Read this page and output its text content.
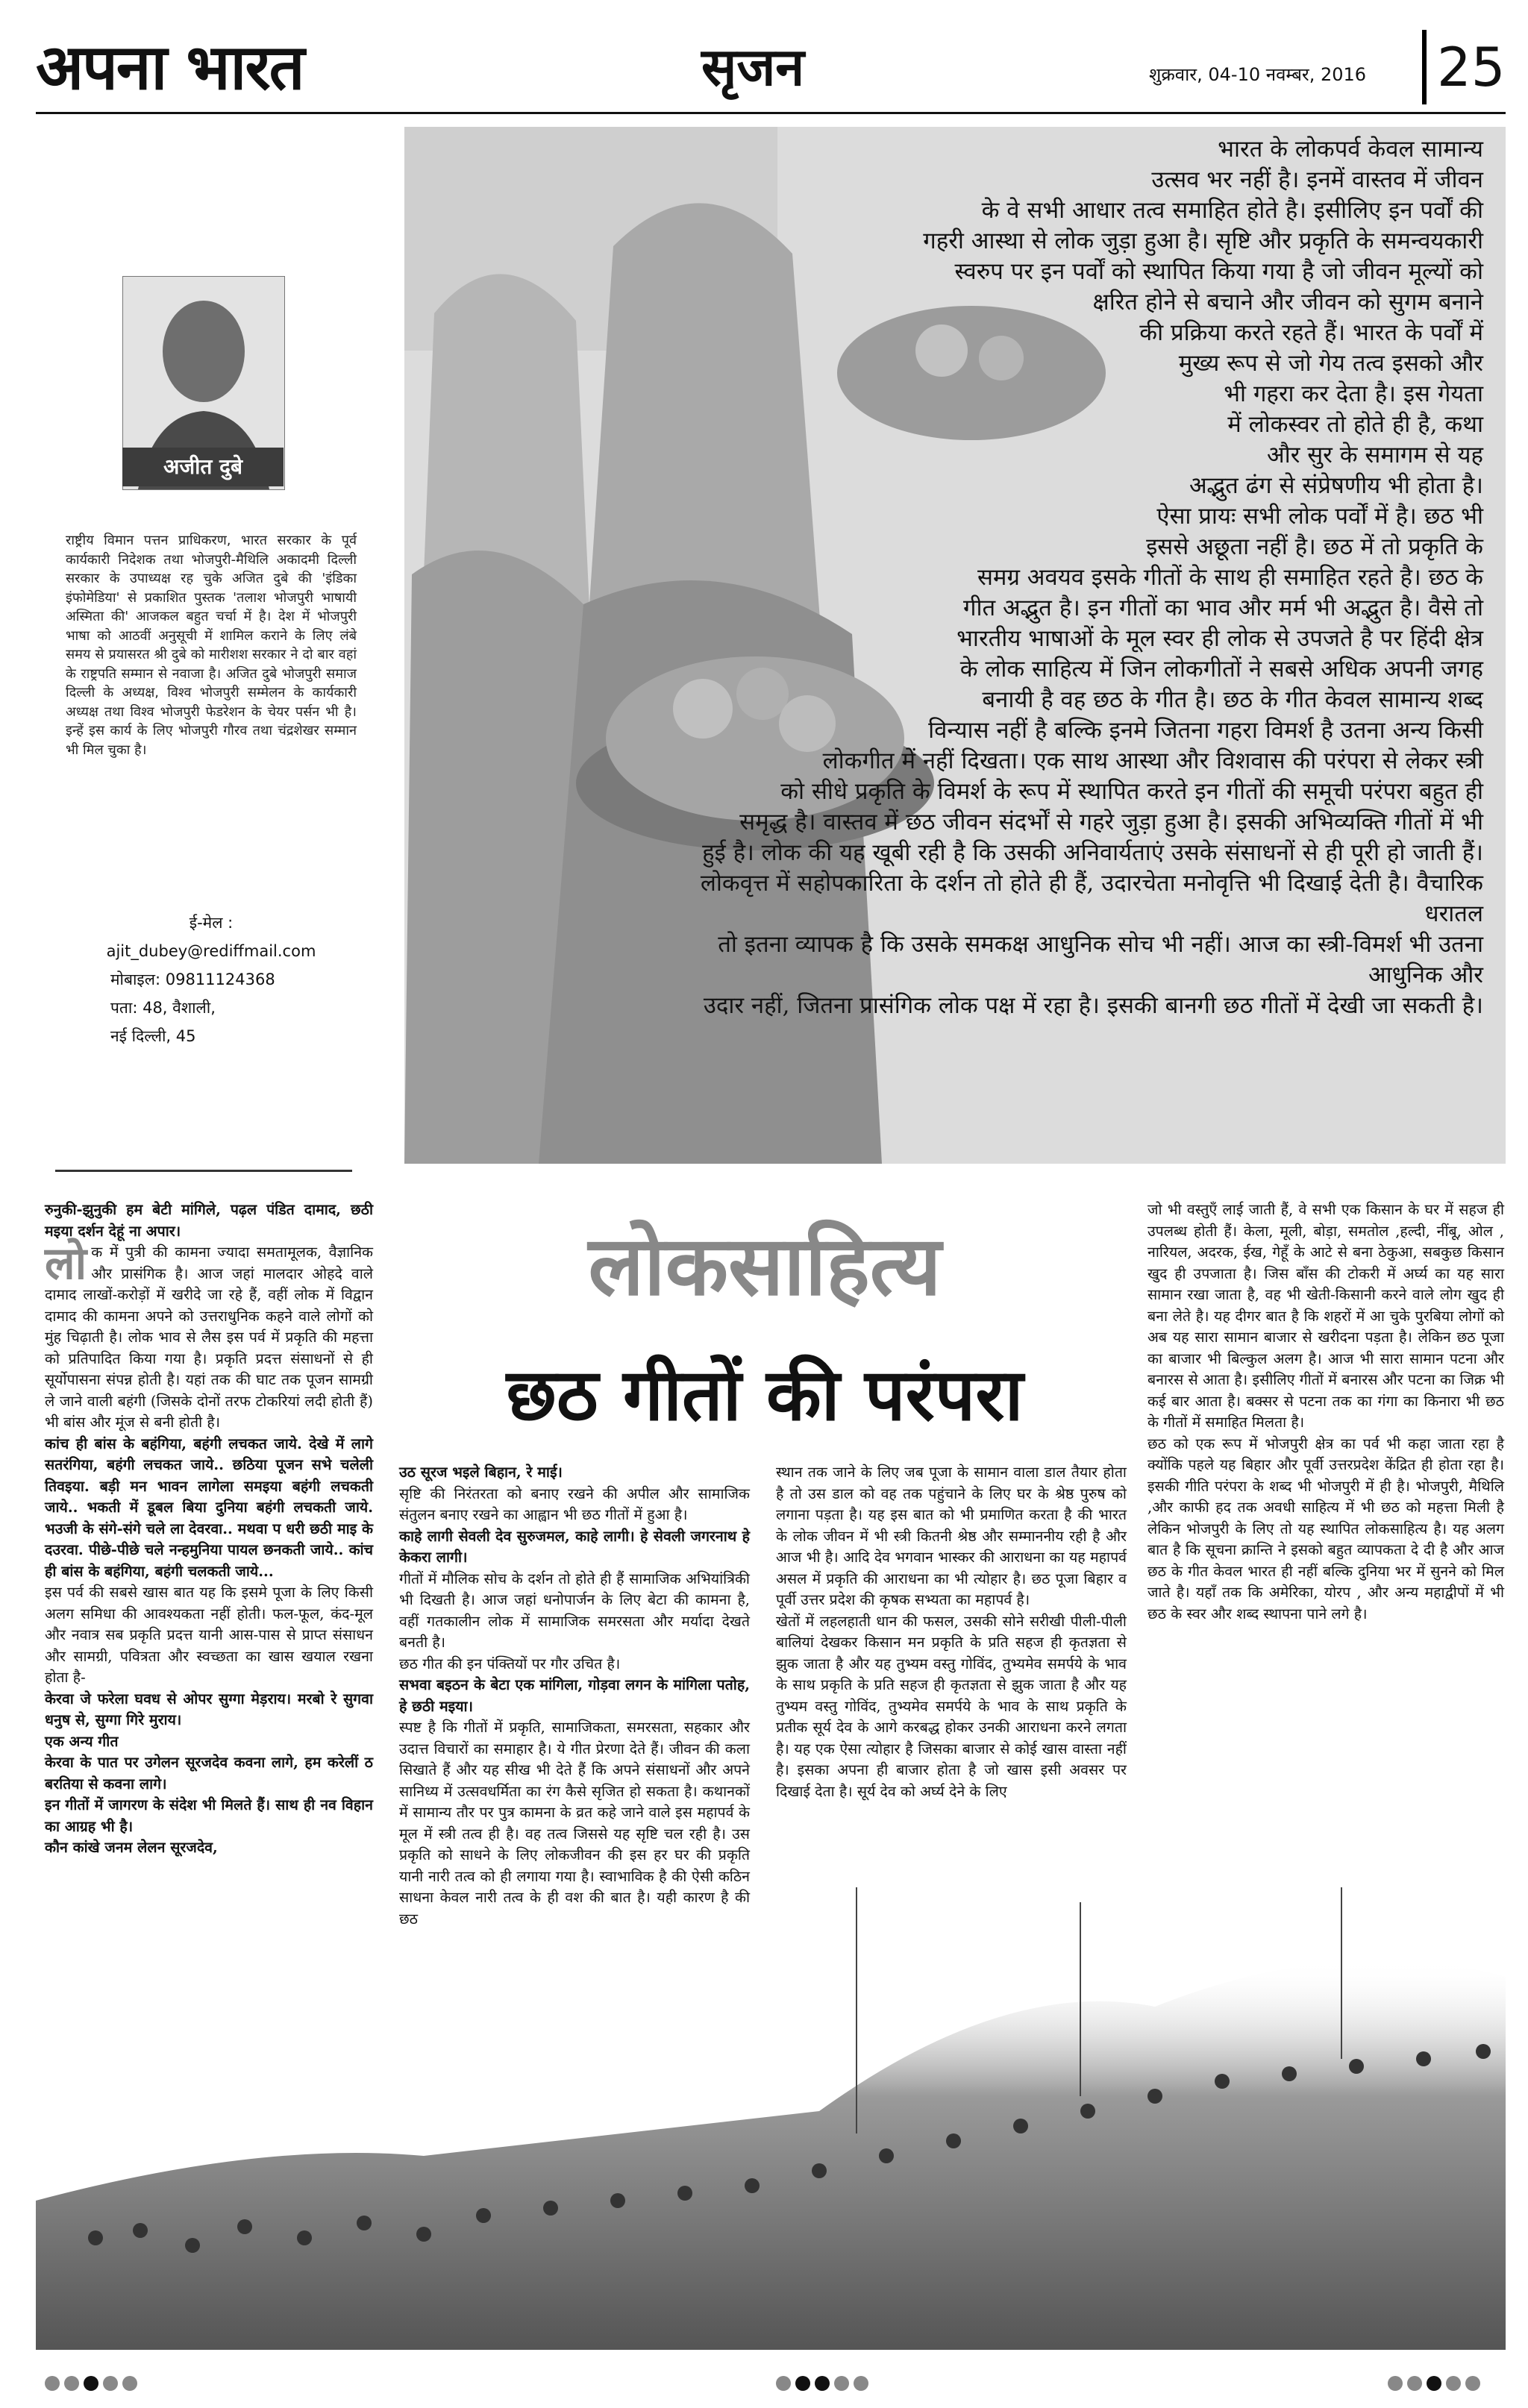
अपना भारत	सृजन	शुक्रवार, 04-10 नवम्बर, 2016	25

भारत के लोकपर्व केवल सामान्य

उत्सव भर नहीं है। इनमें वास्तव में जीवन

के वे सभी आधार तत्व समाहित होते है। इसीलिए इन पर्वों की

गहरी आस्था से लोक जुड़ा हुआ है। सृष्टि और प्रकृति के समन्वयकारी

स्वरुप पर इन पर्वों को स्थापित किया गया है जो जीवन मूल्यों को

क्षरित होने से बचाने और जीवन को सुगम बनाने

की प्रक्रिया करते रहते हैं। भारत के पर्वों में

मुख्य रूप से जो गेय तत्व इसको और

भी गहरा कर देता है। इस गेयता

में लोकस्वर तो होते ही है, कथा

और सुर के समागम से यह

अद्भुत ढंग से संप्रेषणीय भी होता है।

ऐसा प्रायः सभी लोक पर्वों में है। छठ भी

इससे अछूता नहीं है। छठ में तो प्रकृति के

समग्र अवयव इसके गीतों के साथ ही समाहित रहते है। छठ के

गीत अद्भुत है। इन गीतों का भाव और मर्म भी अद्भुत है। वैसे तो

भारतीय भाषाओं के मूल स्वर ही लोक से उपजते है पर हिंदी क्षेत्र

के लोक साहित्य में जिन लोकगीतों ने सबसे अधिक अपनी जगह

बनायी है वह छठ के गीत है। छठ के गीत केवल सामान्य शब्द

विन्यास नहीं है बल्कि इनमे जितना गहरा विमर्श है उतना अन्य किसी

लोकगीत में नहीं दिखता। एक साथ आस्था और विशवास की परंपरा से लेकर स्त्री

को सीधे प्रकृति के विमर्श के रूप में स्थापित करते इन गीतों की समूची परंपरा बहुत ही

समृद्ध है। वास्तव में छठ जीवन संदर्भों से गहरे जुड़ा हुआ है। इसकी अभिव्यक्ति गीतों में भी

हुई है। लोक की यह खूबी रही है कि उसकी अनिवार्यताएं उसके संसाधनों से ही पूरी हो जाती हैं।

लोकवृत्त में सहोपकारिता के दर्शन तो होते ही हैं, उदारचेता मनोवृत्ति भी दिखाई देती है। वैचारिक धरातल

तो इतना व्यापक है कि उसके समकक्ष आधुनिक सोच भी नहीं। आज का स्त्री-विमर्श भी उतना आधुनिक और

उदार नहीं, जितना प्रासंगिक लोक पक्ष में रहा है। इसकी बानगी छठ गीतों में देखी जा सकती है।

अजीत दुबे
राष्ट्रीय विमान पत्तन प्राधिकरण, भारत सरकार के पूर्व कार्यकारी निदेशक तथा भोजपुरी-मैथिलि अकादमी दिल्ली सरकार के उपाध्यक्ष रह चुके अजित दुबे की 'इंडिका इंफोमेडिया' से प्रकाशित पुस्तक 'तलाश भोजपुरी भाषायी अस्मिता की' आजकल बहुत चर्चा में है। देश में भोजपुरी भाषा को आठवीं अनुसूची में शामिल कराने के लिए लंबे समय से प्रयासरत श्री दुबे को मारीशश सरकार ने दो बार वहां के राष्ट्रपति सम्मान से नवाजा है। अजित दुबे भोजपुरी समाज दिल्ली के अध्यक्ष, विश्व भोजपुरी सम्मेलन के कार्यकारी अध्यक्ष तथा विश्व भोजपुरी फेडरेशन के चेयर पर्सन भी है। इन्हें इस कार्य के लिए भोजपुरी गौरव तथा चंद्रशेखर सम्मान भी मिल चुका है।
ई-मेल :
ajit_dubey@rediffmail.com
मोबाइल: 09811124368
पता: 48, वैशाली,
नई दिल्ली, 45
लोकसाहित्य
छठ गीतों की परंपरा

रुनुकी-झुनुकी हम बेटी मांगिले, पढ़ल पंडित दामाद, छठी मइया दर्शन देहूं ना अपार।

लोक में पुत्री की कामना ज्यादा समतामूलक, वैज्ञानिक और प्रासंगिक है। आज जहां मालदार ओहदे वाले दामाद लाखों-करोड़ों में खरीदे जा रहे हैं, वहीं लोक में विद्वान दामाद की कामना अपने को उत्तराधुनिक कहने वाले लोगों को मुंह चिढ़ाती है। लोक भाव से लैस इस पर्व में प्रकृति की महत्ता को प्रतिपादित किया गया है। प्रकृति प्रदत्त संसाधनों से ही सूर्योपासना संपन्न होती है। यहां तक की घाट तक पूजन सामग्री ले जाने वाली बहंगी (जिसके दोनों तरफ टोकरियां लदी होती हैं) भी बांस और मूंज से बनी होती है।

कांच ही बांस के बहंगिया, बहंगी लचकत जाये. देखे में लागे सतरंगिया, बहंगी लचकत जाये.. छठिया पूजन सभे चलेली तिवइया. बड़ी मन भावन लागेला समइया बहंगी लचकती जाये.. भकती में डूबल बिया दुनिया बहंगी लचकती जाये. भउजी के संगे-संगे चले ला देवरवा.. मथवा प धरी छठी माइ के दउरवा. पीछे-पीछे चले नन्हमुनिया पायल छनकती जाये.. कांच ही बांस के बहंगिया, बहंगी चलकती जाये...

इस पर्व की सबसे खास बात यह कि इसमे पूजा के लिए किसी अलग समिधा की आवश्यकता नहीं होती। फल-फूल, कंद-मूल और नवात्र सब प्रकृति प्रदत्त यानी आस-पास से प्राप्त संसाधन और सामग्री, पवित्रता और स्वच्छता का खास खयाल रखना होता है-

केरवा जे फरेला घवध से ओपर सुग्गा मेड़राय। मरबो रे सुगवा धनुष से, सुग्गा गिरे मुराय।

एक अन्य गीत

केरवा के पात पर उगेलन सूरजदेव कवना लागे, हम करेलीं ठ बरतिया से कवना लागे।

इन गीतों में जागरण के संदेश भी मिलते हैं। साथ ही नव विहान का आग्रह भी है।

कौन कांखे जनम लेलन सूरजदेव,

उठ सूरज भइले बिहान, रे माई।

सृष्टि की निरंतरता को बनाए रखने की अपील और सामाजिक संतुलन बनाए रखने का आह्वान भी छठ गीतों में हुआ है।

काहे लागी सेवली देव सुरुजमल, काहे लागी। हे सेवली जगरनाथ हे केकरा लागी।

गीतों में मौलिक सोच के दर्शन तो होते ही हैं सामाजिक अभियांत्रिकी भी दिखती है। आज जहां धनोपार्जन के लिए बेटा की कामना है, वहीं गतकालीन लोक में सामाजिक समरसता और मर्यादा देखते बनती है।

छठ गीत की इन पंक्तियों पर गौर उचित है।

सभवा बइठन के बेटा एक मांगिला, गोड़वा लगन के मांगिला पतोह, हे छठी मइया।

स्पष्ट है कि गीतों में प्रकृति, सामाजिकता, समरसता, सहकार और उदात्त विचारों का समाहार है। ये गीत प्रेरणा देते हैं। जीवन की कला सिखाते हैं और यह सीख भी देते हैं कि अपने संसाधनों और अपने सानिध्य में उत्सवधर्मिता का रंग कैसे सृजित हो सकता है। कथानकों में सामान्य तौर पर पुत्र कामना के व्रत कहे जाने वाले इस महापर्व के मूल में स्त्री तत्व ही है। वह तत्व जिससे यह सृष्टि चल रही है। उस प्रकृति को साधने के लिए लोकजीवन की इस हर घर की प्रकृति यानी नारी तत्व को ही लगाया गया है। स्वाभाविक है की ऐसी कठिन साधना केवल नारी तत्व के ही वश की बात है। यही कारण है की छठ

स्थान तक जाने के लिए जब पूजा के सामान वाला डाल तैयार होता है तो उस डाल को वह तक पहुंचाने के लिए घर के श्रेष्ठ पुरुष को लगाना पड़ता है। यह इस बात को भी प्रमाणित करता है की भारत के लोक जीवन में भी स्त्री कितनी श्रेष्ठ और सम्माननीय रही है और आज भी है। आदि देव भगवान भास्कर की आराधना का यह महापर्व असल में प्रकृति की आराधना का भी त्योहार है। छठ पूजा बिहार व पूर्वी उत्तर प्रदेश की कृषक सभ्यता का महापर्व है।

खेतों में लहलहाती धान की फसल, उसकी सोने सरीखी पीली-पीली बालियां देखकर किसान मन प्रकृति के प्रति सहज ही कृतज्ञता से झुक जाता है और यह तुभ्यम वस्तु गोविंद, तुभ्यमेव समर्पये के भाव के साथ प्रकृति के प्रति सहज ही कृतज्ञता से झुक जाता है और यह तुभ्यम वस्तु गोविंद, तुभ्यमेव समर्पये के भाव के साथ प्रकृति के प्रतीक सूर्य देव के आगे करबद्ध होकर उनकी आराधना करने लगता है। यह एक ऐसा त्योहार है जिसका बाजार से कोई खास वास्ता नहीं है। इसका अपना ही बाजार होता है जो खास इसी अवसर पर दिखाई देता है। सूर्य देव को अर्घ्य देने के लिए

जो भी वस्तुएँ लाई जाती हैं, वे सभी एक किसान के घर में सहज ही उपलब्ध होती हैं। केला, मूली, बोड़ा, समतोल ,हल्दी, नींबू, ओल , नारियल, अदरक, ईख, गेहूँ के आटे से बना ठेकुआ, सबकुछ किसान खुद ही उपजाता है। जिस बाँस की टोकरी में अर्घ्य का यह सारा सामान रखा जाता है, वह भी खेती-किसानी करने वाले लोग खुद ही बना लेते है। यह दीगर बात है कि शहरों में आ चुके पुरबिया लोगों को अब यह सारा सामान बाजार से खरीदना पड़ता है। लेकिन छठ पूजा का बाजार भी बिल्कुल अलग है। आज भी सारा सामान पटना और बनारस से आता है। इसीलिए गीतों में बनारस और पटना का जिक्र भी कई बार आता है। बक्सर से पटना तक का गंगा का किनारा भी छठ के गीतों में समाहित मिलता है।

छठ को एक रूप में भोजपुरी क्षेत्र का पर्व भी कहा जाता रहा है क्योंकि पहले यह बिहार और पूर्वी उत्तरप्रदेश केंद्रित ही होता रहा है। इसकी गीति परंपरा के शब्द भी भोजपुरी में ही है। भोजपुरी, मैथिलि ,और काफी हद तक अवधी साहित्य में भी छठ को महत्ता मिली है लेकिन भोजपुरी के लिए तो यह स्थापित लोकसाहित्य है। यह अलग बात है कि सूचना क्रान्ति ने इसको बहुत व्यापकता दे दी है और आज छठ के गीत केवल भारत ही नहीं बल्कि दुनिया भर में सुनने को मिल जाते है। यहाँ तक कि अमेरिका, योरप , और अन्य महाद्वीपों में भी छठ के स्वर और शब्द स्थापना पाने लगे है।
